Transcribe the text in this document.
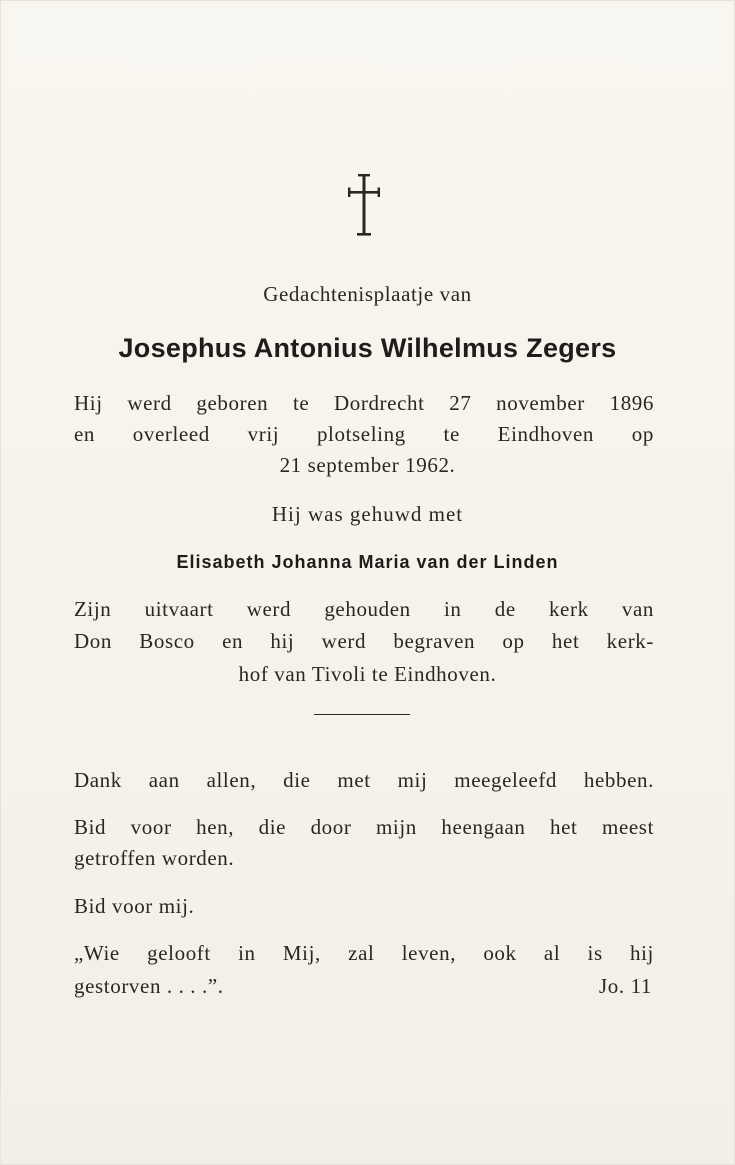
Gedachtenisplaatje van
Josephus Antonius Wilhelmus Zegers
Hij werd geboren te Dordrecht 27 november 1896
en overleed vrij plotseling te Eindhoven op
21 september 1962.
Hij was gehuwd met
Elisabeth Johanna Maria van der Linden
Zijn uitvaart werd gehouden in de kerk van
Don Bosco en hij werd begraven op het kerk-
hof van Tivoli te Eindhoven.
Dank aan allen, die met mij meegeleefd hebben.
Bid voor hen, die door mijn heengaan het meest
getroffen worden.
Bid voor mij.
„Wie gelooft in Mij, zal leven, ook al is hij
gestorven . . . .”.	Jo. 11
